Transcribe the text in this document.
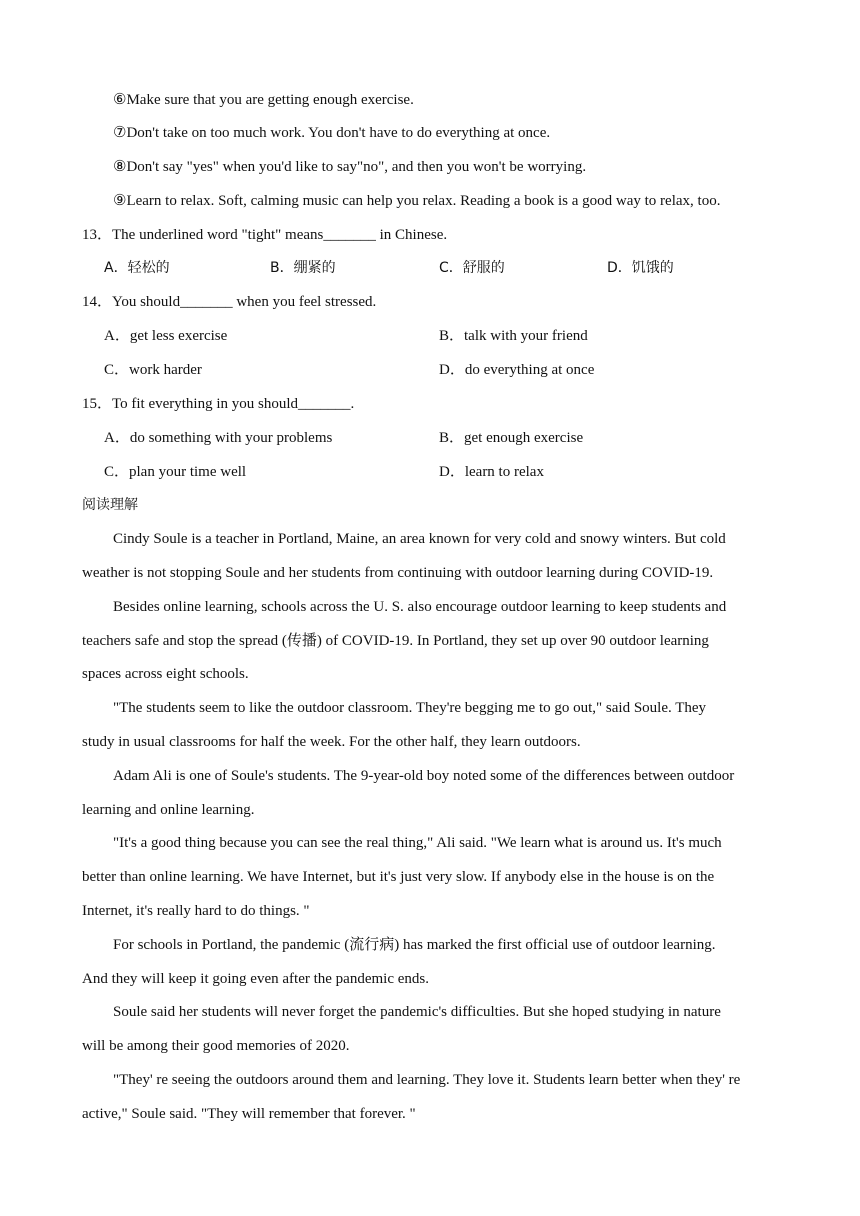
⑥Make sure that you are getting enough exercise.
⑦Don't take on too much work. You don't have to do everything at once.
⑧Don't say "yes" when you'd like to say"no", and then you won't be worrying.
⑨Learn to relax. Soft, calming music can help you relax. Reading a book is a good way to relax, too.
13．The underlined word "tight" means_______ in Chinese.
A．轻松的	B．绷紧的	C．舒服的	D．饥饿的
14．You should_______ when you feel stressed.
A．get less exercise	B．talk with your friend
C．work harder	D．do everything at once
15．To fit everything in you should_______.
A．do something with your problems	B．get enough exercise
C．plan your time well	D．learn to relax
阅读理解
Cindy Soule is a teacher in Portland, Maine, an area known for very cold and snowy winters. But cold
weather is not stopping Soule and her students from continuing with outdoor learning during COVID-19.
Besides online learning, schools across the U. S. also encourage outdoor learning to keep students and
teachers safe and stop the spread (传播) of COVID-19. In Portland, they set up over 90 outdoor learning
spaces across eight schools.
"The students seem to like the outdoor classroom. They're begging me to go out," said Soule. They
study in usual classrooms for half the week. For the other half, they learn outdoors.
Adam Ali is one of Soule's students. The 9-year-old boy noted some of the differences between outdoor
learning and online learning.
"It's a good thing because you can see the real thing," Ali said. "We learn what is around us. It's much
better than online learning. We have Internet, but it's just very slow. If anybody else in the house is on the
Internet, it's really hard to do things. "
For schools in Portland, the pandemic (流行病) has marked the first official use of outdoor learning.
And they will keep it going even after the pandemic ends.
Soule said her students will never forget the pandemic's difficulties. But she hoped studying in nature
will be among their good memories of 2020.
"They' re seeing the outdoors around them and learning. They love it. Students learn better when they' re
active," Soule said. "They will remember that forever. "
